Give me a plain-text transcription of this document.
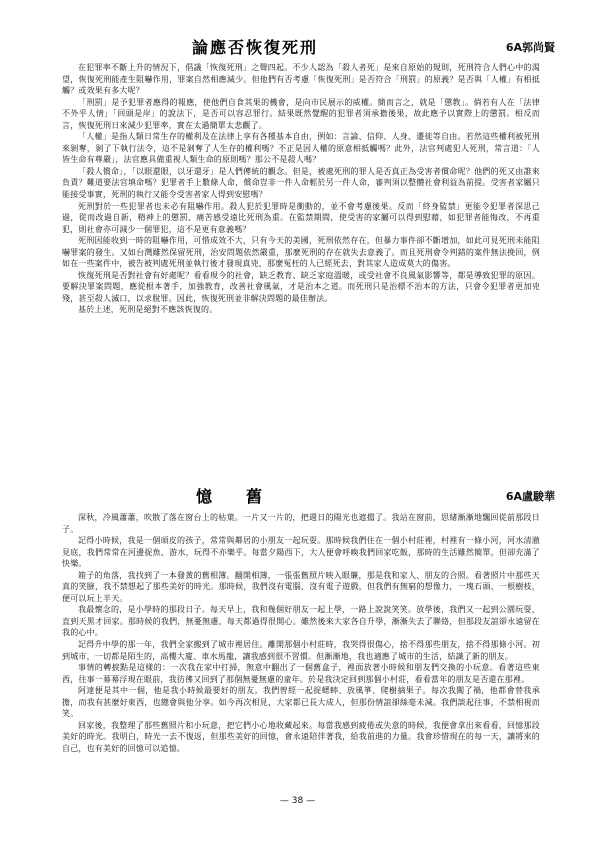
論應否恢復死刑	6A郭尚賢

在犯罪率不斷上升的情況下，倡議「恢復死刑」之聲四起。不少人認為「殺人者死」是來自原始的規則，死刑符合人們心中的渴望，恢復死刑能產生阻嚇作用，罪案自然相應減少。但他們有否考慮「恢復死刑」是否符合「刑罰」的原義？是否與「人權」有相抵觸？或效果有多大呢？

「刑罰」是予犯罪者應得的報應，使他們自食其果的機會，是向市民展示的威權。簡而言之，就是「懲教」。倘若有人在「法律不外乎人情」「回頭是岸」的說法下，是否可以容忍罪行。結果既然覺醒的犯罪者須承擔後果，故此應予以實際上的懲罰。相反而言，恢復死刑日來減少犯罪率，實在太過簡單太悲觀了。

「人權」是指人類日常生存的權利及在法律上享有各種基本自由，例如：言論、信仰、人身、遷徙等自由。若然這些權利被死刑來剝奪，剝了下執行法令，這不是剝奪了人生存的權利嗎？不正是因人權的原意相抵觸嗎？此外，法官判處犯人死刑，常言道：「人皆生命有尊嚴」，法官應具備重視人類生命的原則嗎？那公不是殺人嗎？

「殺人償命」，「以眼還眼，以牙還牙」是人們傳統的觀念。但是，被處死刑的罪人是否真正為受害者償命呢？他們的死又由誰來負責？難道要法官填命嗎？犯罪者手上數條人命，償命豈非一件人命輕於另一件人命，審判須以整體社會利益為前提。受害者家屬只能接受事實，死刑的執行又能令受害者家人得到安慰嗎？

死刑對於一些犯罪者也未必有阻嚇作用。殺人犯於犯罪時是衝動的，並不會考慮後果。反而「終身監禁」更能令犯罪者深思己過，從而改過自新，精神上的懲罰、痛苦感受遠比死刑為重。在監禁期間，使受害的家屬可以得到慰藉，如犯罪者能悔改，不再重犯，則社會亦可減少一個罪犯，這不是更有意義嗎？

死刑因能收到一時的阻嚇作用，可惜成效不大，只有今天的美國，死刑依然存在，但暴力事件卻不斷增加，如此可見死刑未能阻嚇罪案的發生。又如台灣雖然保留死刑，治安問題依然嚴重，那麼死刑的存在就失去意義了。而且死刑會令判錯的案件無法挽回，例如在一些案件中，被告被判處死刑並執行後才發現真兇，那麼冤枉的人已經死去，對其家人造成莫大的傷害。

恢復死刑是否對社會有好處呢？看看現今的社會，缺乏教育、缺乏家庭溫暖，或受社會不良風氣影響等，都是導致犯罪的原因。要解決罪案問題，應從根本著手，加強教育，改善社會風氣，才是治本之道。而死刑只是治標不治本的方法，只會令犯罪者更加兇殘，甚至殺人滅口，以求脫罪。因此，恢復死刑並非解決問題的最佳辦法。

基於上述，死刑是絕對不應該恢復的。

憶 舊	6A盧駿華

深秋，冷風蕭蕭，吹散了落在窗台上的枯葉。一片又一片的，把週日的陽光也遮擋了。我站在窗前，思緒漸漸地飄回從前那段日子。

記得小時候，我是一個頑皮的孩子，常常與鄰居的小朋友一起玩耍。那時候我們住在一個小村莊裡，村裡有一條小河，河水清澈見底，我們常常在河邊捉魚、游水，玩得不亦樂乎。每當夕陽西下，大人便會呼喚我們回家吃飯，那時的生活雖然簡單，但卻充滿了快樂。

箱子的角落，我找到了一本發黃的舊相簿。翻開相簿，一張張舊照片映入眼簾，那是我和家人、朋友的合照。看著照片中那些天真的笑臉，我不禁想起了那些美好的時光。那時候，我們沒有電腦，沒有電子遊戲，但我們有無窮的想像力，一塊石頭、一根樹枝，便可以玩上半天。

我最懷念的，是小學時的那段日子。每天早上，我和幾個好朋友一起上學，一路上說說笑笑。放學後，我們又一起到公園玩耍，直到天黑才回家。那時候的我們，無憂無慮，每天都過得很開心。雖然後來大家各自升學，漸漸失去了聯絡，但那段友誼卻永遠留在我的心中。

記得升中學的那一年，我們全家搬到了城市裡居住。離開那個小村莊時，我哭得很傷心，捨不得那些朋友，捨不得那條小河。初到城市，一切都是陌生的，高樓大廈、車水馬龍，讓我感到很不習慣。但漸漸地，我也適應了城市的生活，結識了新的朋友。

事情的轉捩點是這樣的：一次我在家中打掃，無意中翻出了一個舊盒子，裡面放著小時候和朋友們交換的小玩意。看著這些東西，往事一幕幕浮現在眼前，我彷彿又回到了那個無憂無慮的童年。於是我決定回到那個小村莊，看看當年的朋友是否還在那裡。

阿達便是其中一個，他是我小時候最要好的朋友。我們曾經一起捉蟋蟀、放風箏、爬樹摘果子。每次我闖了禍，他都會替我承擔，而我有甚麼好東西，也總會與他分享。如今再次相見，大家都已長大成人，但那份情誼卻絲毫未減。我們談起往事，不禁相視而笑。

回家後，我整理了那些舊照片和小玩意，把它們小心地收藏起來。每當我感到疲倦或失意的時候，我便會拿出來看看，回憶那段美好的時光。我明白，時光一去不復返，但那些美好的回憶，會永遠陪伴著我，給我前進的力量。我會珍惜現在的每一天，讓將來的自己，也有美好的回憶可以追憶。

— 38 —
